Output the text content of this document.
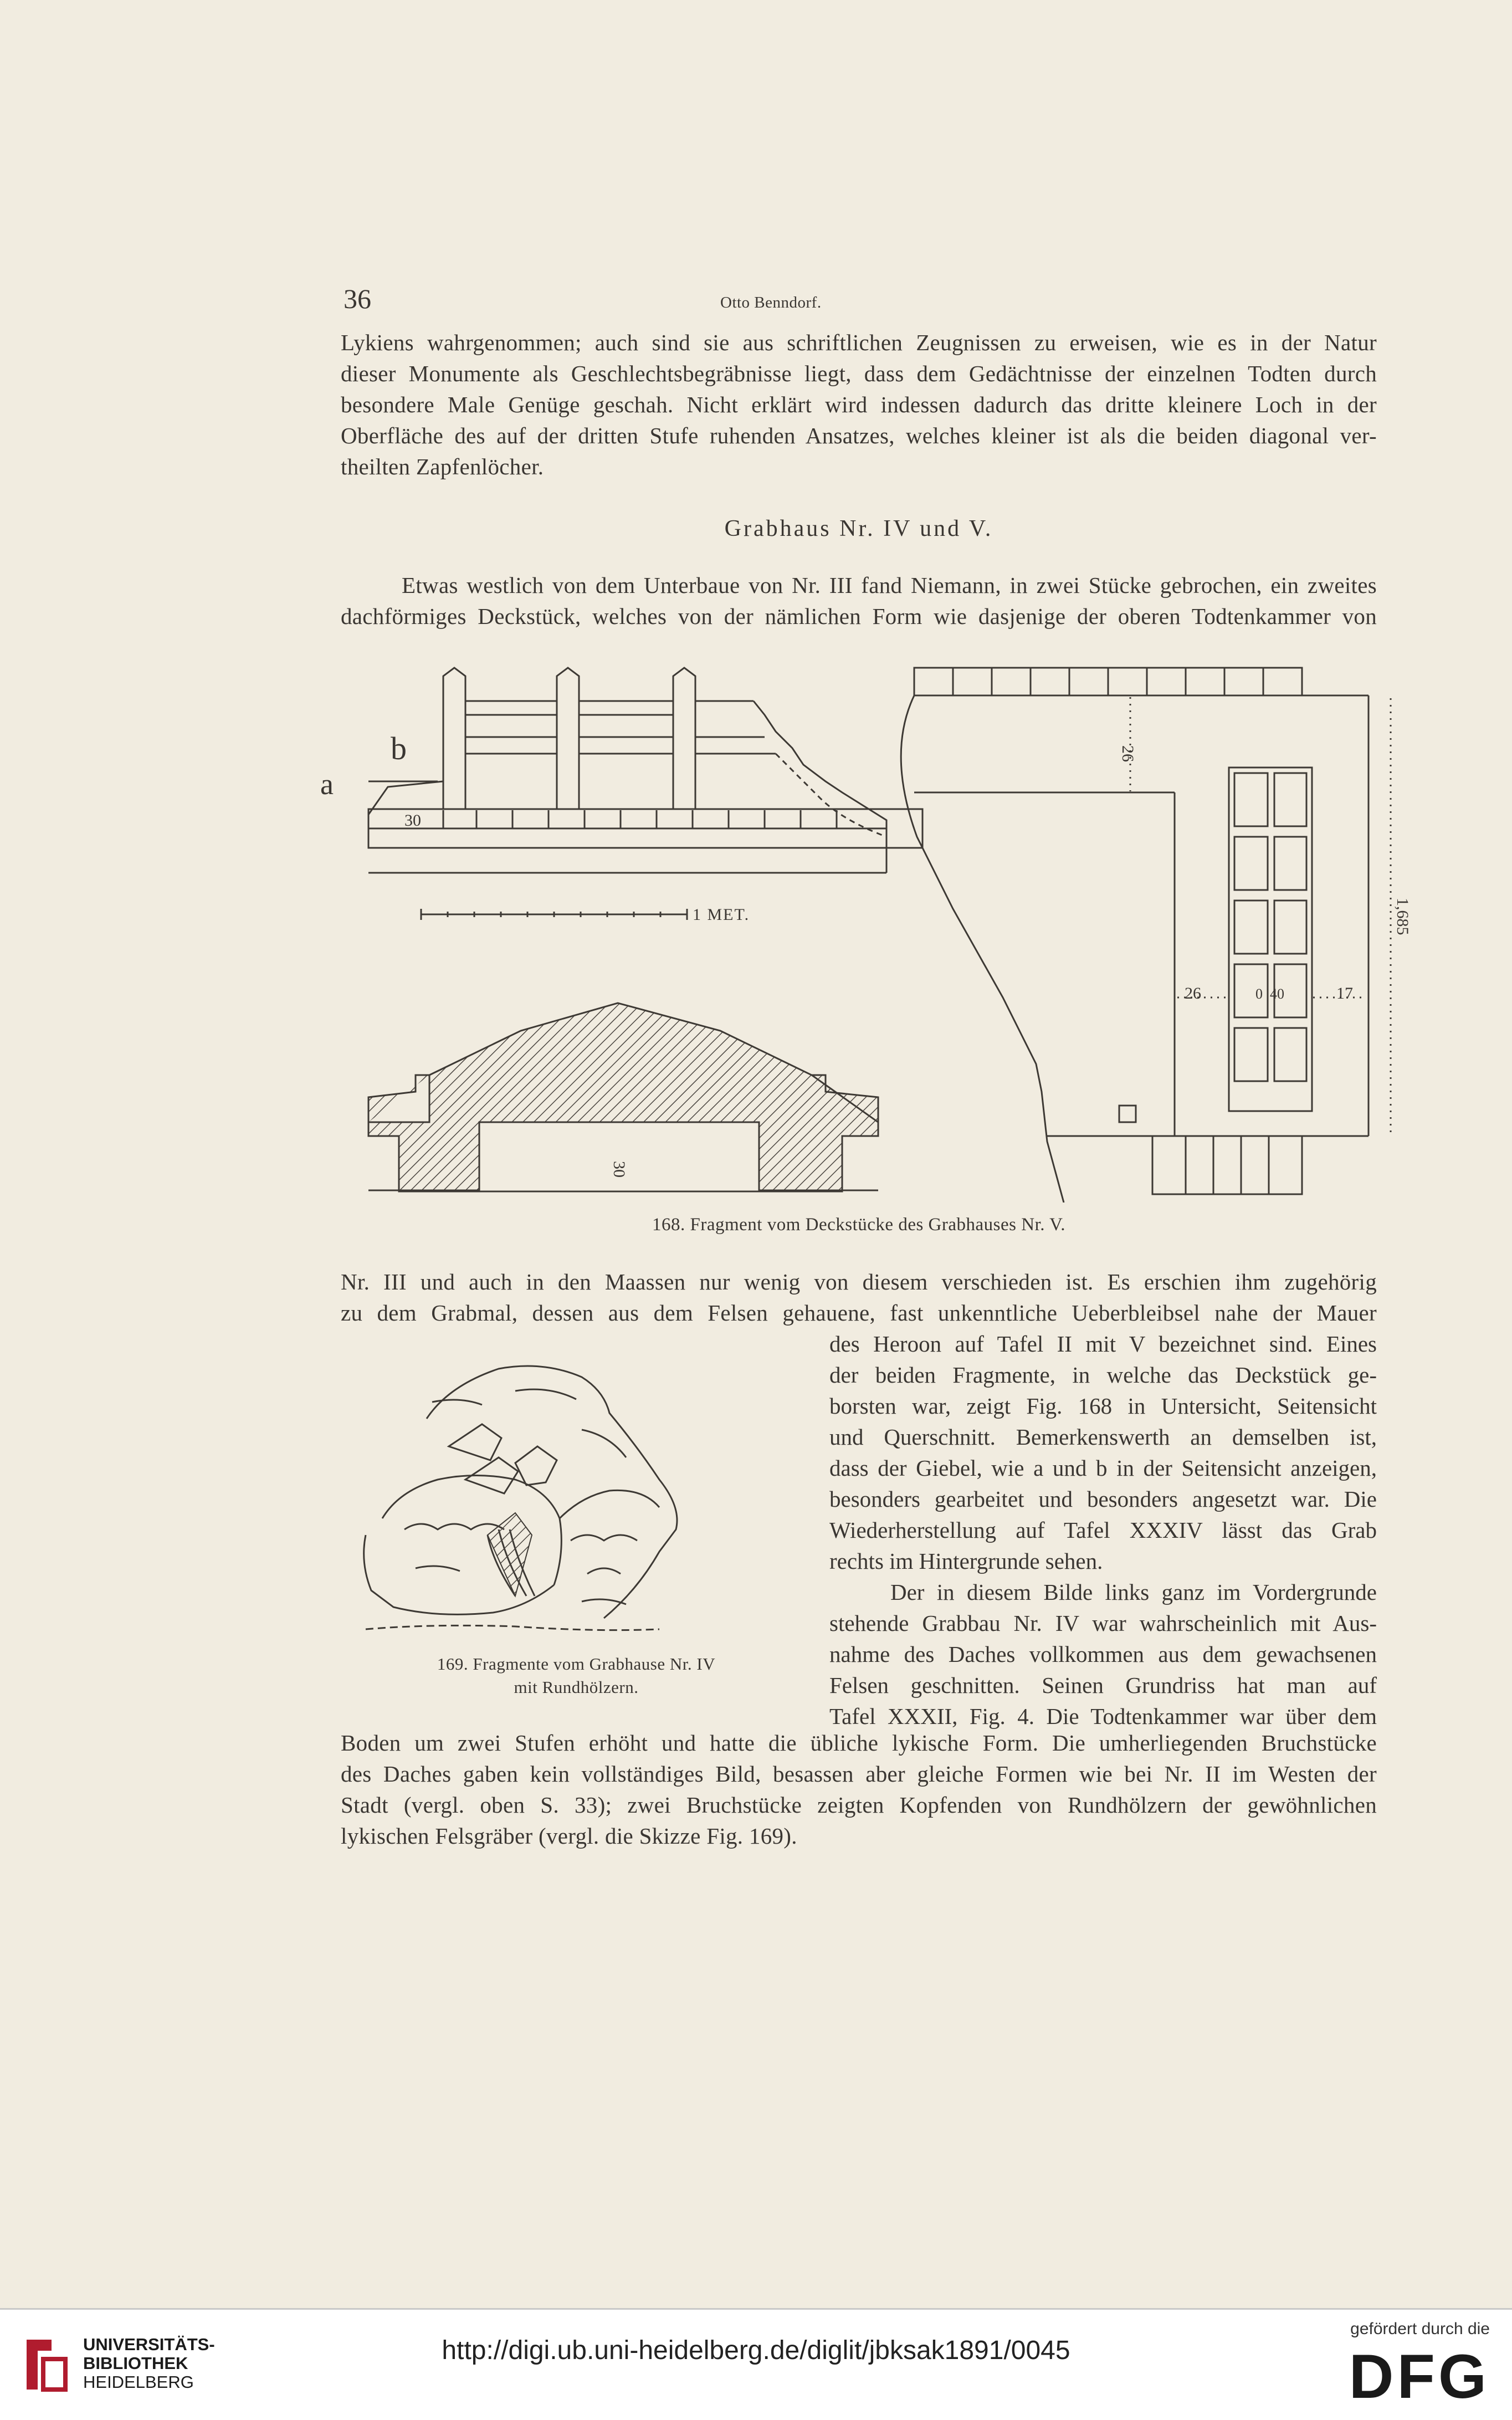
36	Otto Benndorf.
Lykiens wahrgenommen; auch sind sie aus schriftlichen Zeugnissen zu erweisen, wie es in der Natur
dieser Monumente als Geschlechtsbegräbnisse liegt, dass dem Gedächtnisse der einzelnen Todten durch
besondere Male Genüge geschah. Nicht erklärt wird indessen dadurch das dritte kleinere Loch in der
Oberfläche des auf der dritten Stufe ruhenden Ansatzes, welches kleiner ist als die beiden diagonal ver-
theilten Zapfenlöcher.
Grabhaus Nr. IV und V.
Etwas westlich von dem Unterbaue von Nr. III fand Niemann, in zwei Stücke gebrochen, ein zweites
dachförmiges Deckstück, welches von der nämlichen Form wie dasjenige der oberen Todtenkammer von
b
a
30
1 MET.
30
26
26	0 40	17
1,685
168. Fragment vom Deckstücke des Grabhauses Nr. V.
Nr. III und auch in den Maassen nur wenig von diesem verschieden ist. Es erschien ihm zugehörig
zu dem Grabmal, dessen aus dem Felsen gehauene, fast unkenntliche Ueberbleibsel nahe der Mauer
des Heroon auf Tafel II mit V bezeichnet sind. Eines
der beiden Fragmente, in welche das Deckstück ge-
borsten war, zeigt Fig. 168 in Untersicht, Seitensicht
und Querschnitt. Bemerkenswerth an demselben ist,
dass der Giebel, wie a und b in der Seitensicht anzeigen,
besonders gearbeitet und besonders angesetzt war. Die
Wiederherstellung auf Tafel XXXIV lässt das Grab
rechts im Hintergrunde sehen.
Der in diesem Bilde links ganz im Vordergrunde
stehende Grabbau Nr. IV war wahrscheinlich mit Aus-
nahme des Daches vollkommen aus dem gewachsenen
Felsen geschnitten. Seinen Grundriss hat man auf
Tafel XXXII, Fig. 4. Die Todtenkammer war über dem
169. Fragmente vom Grabhause Nr. IV
mit Rundhölzern.
Boden um zwei Stufen erhöht und hatte die übliche lykische Form. Die umherliegenden Bruchstücke
des Daches gaben kein vollständiges Bild, besassen aber gleiche Formen wie bei Nr. II im Westen der
Stadt (vergl. oben S. 33); zwei Bruchstücke zeigten Kopfenden von Rundhölzern der gewöhnlichen
lykischen Felsgräber (vergl. die Skizze Fig. 169).
UNIVERSITÄTS-
BIBLIOTHEK
HEIDELBERG
http://digi.ub.uni-heidelberg.de/diglit/jbksak1891/0045
gefördert durch die
DFG
